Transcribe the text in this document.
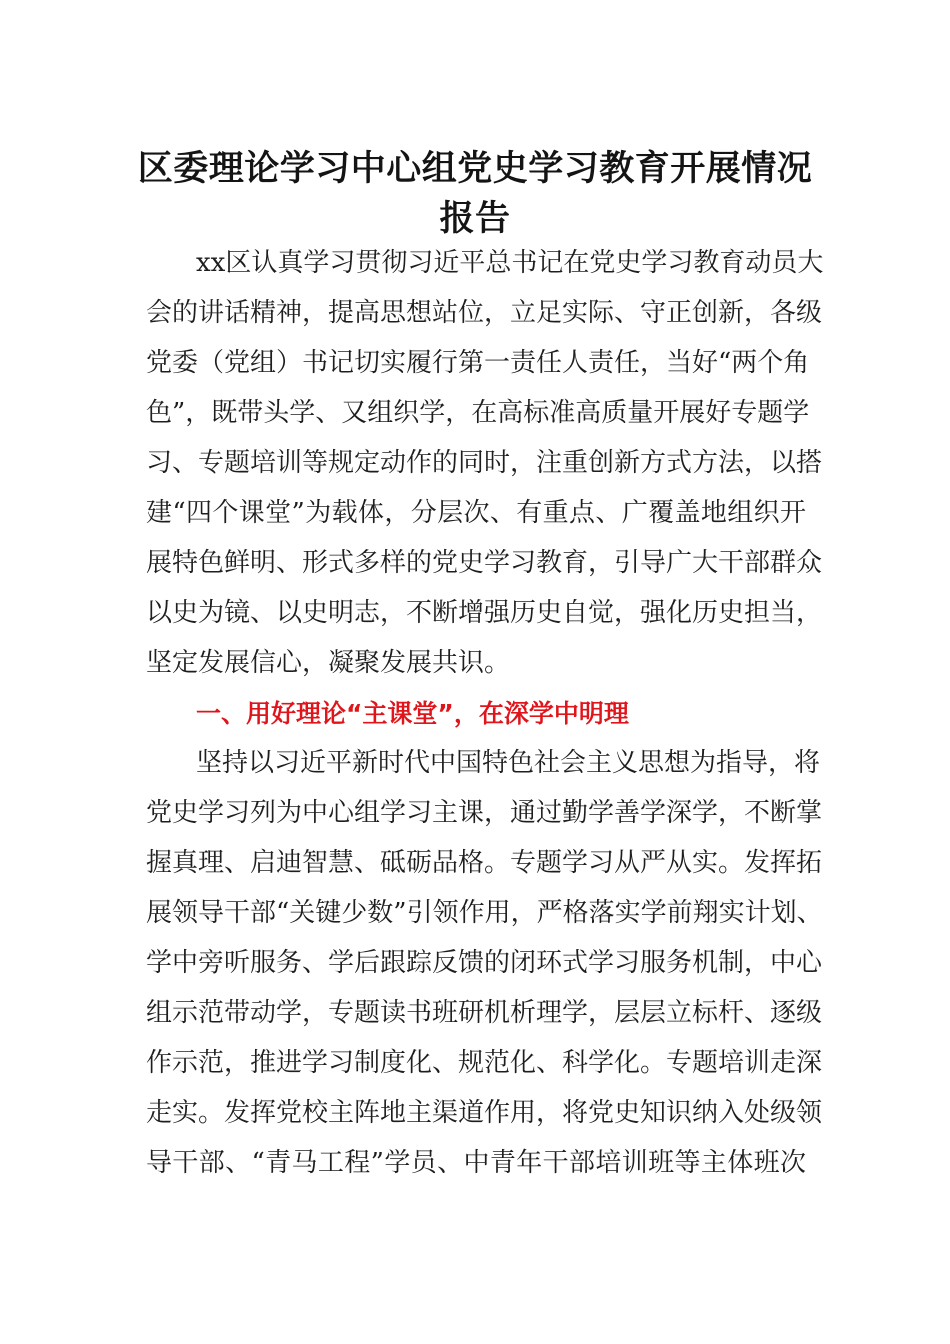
区委理论学习中心组党史学习教育开展情况
报告
xx区认真学习贯彻习近平总书记在党史学习教育动员大
会的讲话精神，提高思想站位，立足实际、守正创新，各级
党委（党组）书记切实履行第一责任人责任，当好“两个角
色”，既带头学、又组织学，在高标准高质量开展好专题学
习、专题培训等规定动作的同时，注重创新方式方法，以搭
建“四个课堂”为载体，分层次、有重点、广覆盖地组织开
展特色鲜明、形式多样的党史学习教育，引导广大干部群众
以史为镜、以史明志，不断增强历史自觉，强化历史担当，
坚定发展信心，凝聚发展共识。
一、用好理论“主课堂”，在深学中明理
坚持以习近平新时代中国特色社会主义思想为指导，将
党史学习列为中心组学习主课，通过勤学善学深学，不断掌
握真理、启迪智慧、砥砺品格。专题学习从严从实。发挥拓
展领导干部“关键少数”引领作用，严格落实学前翔实计划、
学中旁听服务、学后跟踪反馈的闭环式学习服务机制，中心
组示范带动学，专题读书班研机析理学，层层立标杆、逐级
作示范，推进学习制度化、规范化、科学化。专题培训走深
走实。发挥党校主阵地主渠道作用，将党史知识纳入处级领
导干部、“青马工程”学员、中青年干部培训班等主体班次
